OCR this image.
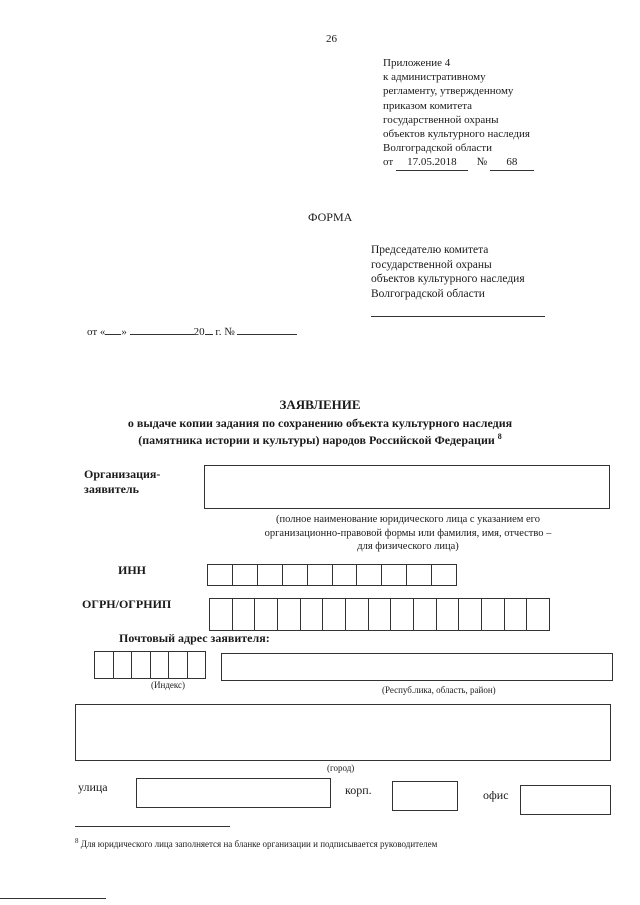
26
Приложение 4
к административному
регламенту, утвержденному
приказом комитета
государственной охраны
объектов культурного наследия
Волгоградской области
от 17.05.2018 № 68
ФОРМА
Председателю комитета
государственной охраны
объектов культурного наследия
Волгоградской области
от « »	20 г. №
ЗАЯВЛЕНИЕ
о выдаче копии задания по сохранению объекта культурного наследия
(памятника истории и культуры) народов Российской Федерации $^8$
Организация-
заявитель
(полное наименование юридического лица с указанием его
организационно-правовой формы или фамилия, имя, отчество –
для физического лица)
ИНН
ОГРН/ОГРНИП
Почтовый адрес заявителя:
(Индекс)	(Респуб.лика, область, район)
(город)
улица	корп.	офис
$^8$ Для юридического лица заполняется на бланке организации и подписывается руководителем
